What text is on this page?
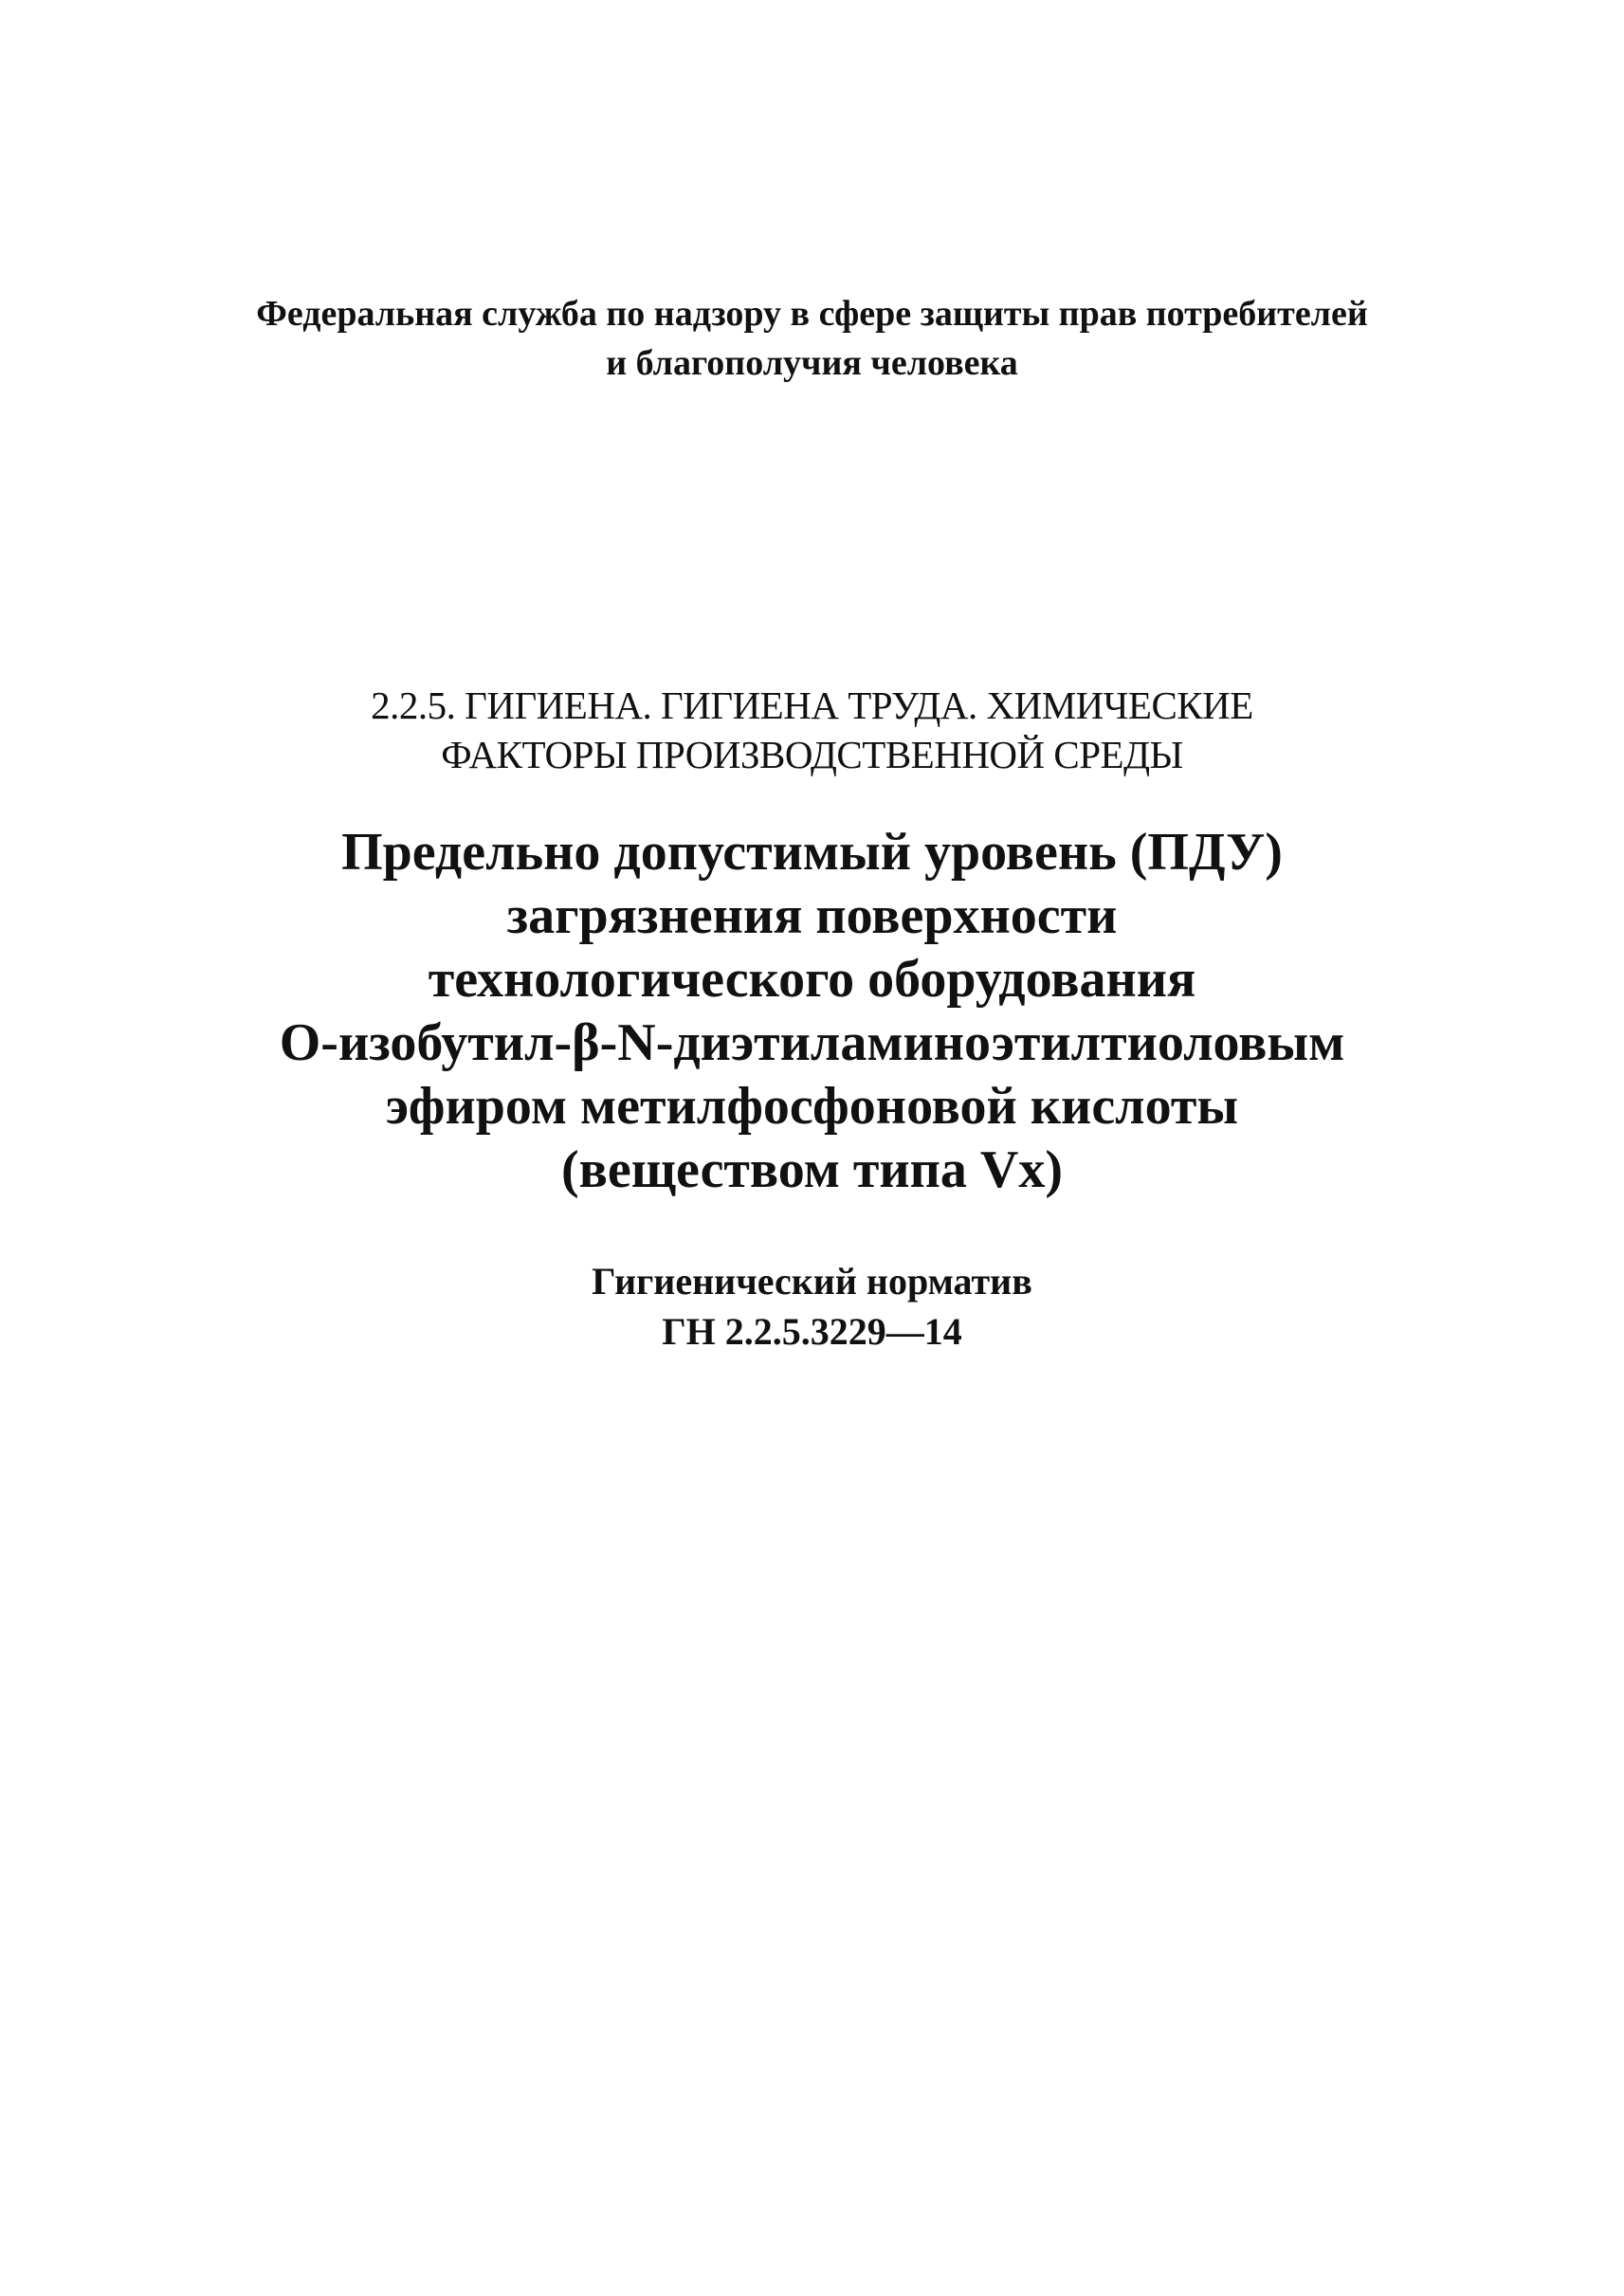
Федеральная служба по надзору в сфере защиты прав потребителей
и благополучия человека
2.2.5. ГИГИЕНА. ГИГИЕНА ТРУДА. ХИМИЧЕСКИЕ
ФАКТОРЫ ПРОИЗВОДСТВЕННОЙ СРЕДЫ
Предельно допустимый уровень (ПДУ)
загрязнения поверхности
технологического оборудования
О-изобутил-β-N-диэтиламиноэтилтиоловым
эфиром метилфосфоновой кислоты
(веществом типа Vx)
Гигиенический норматив
ГН 2.2.5.3229—14
